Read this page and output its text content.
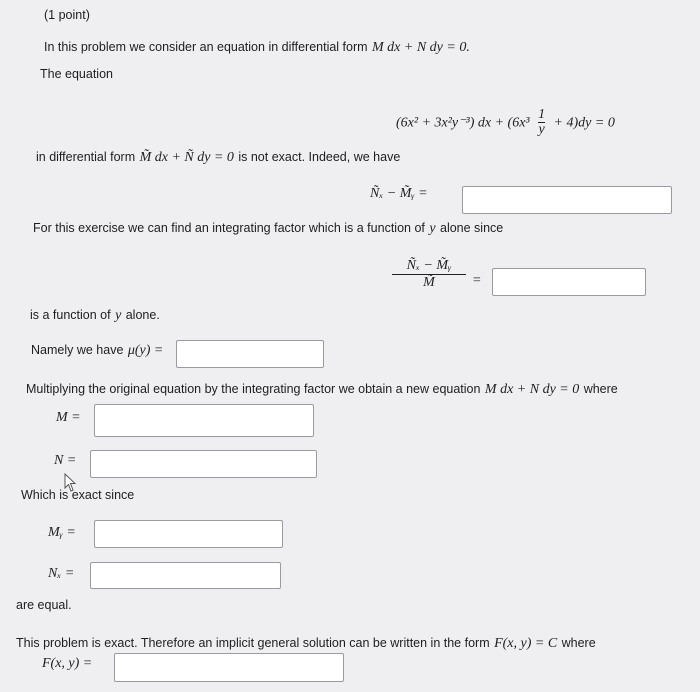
(1 point)
In this problem we consider an equation in differential form M dx + N dy = 0.
The equation
(6x² + 3x²y⁻³) dx + $(6x^3 \frac{1}{y} + 4)dy = 0$
in differential form M̃ dx + Ñ dy = 0 is not exact. Indeed, we have
Ñₓ − M̃ᵧ =
For this exercise we can find an integrating factor which is a function of y alone since
$\frac{\text{Ñₓ − M̃ᵧ}}{M̃}$ =
is a function of y alone.
Namely we have μ(y) =
Multiplying the original equation by the integrating factor we obtain a new equation M dx + N dy = 0 where
M =
N =
Which is exact since
Mᵧ =
Nₓ =
are equal.
This problem is exact. Therefore an implicit general solution can be written in the form F(x, y) = C where
F(x, y) =
